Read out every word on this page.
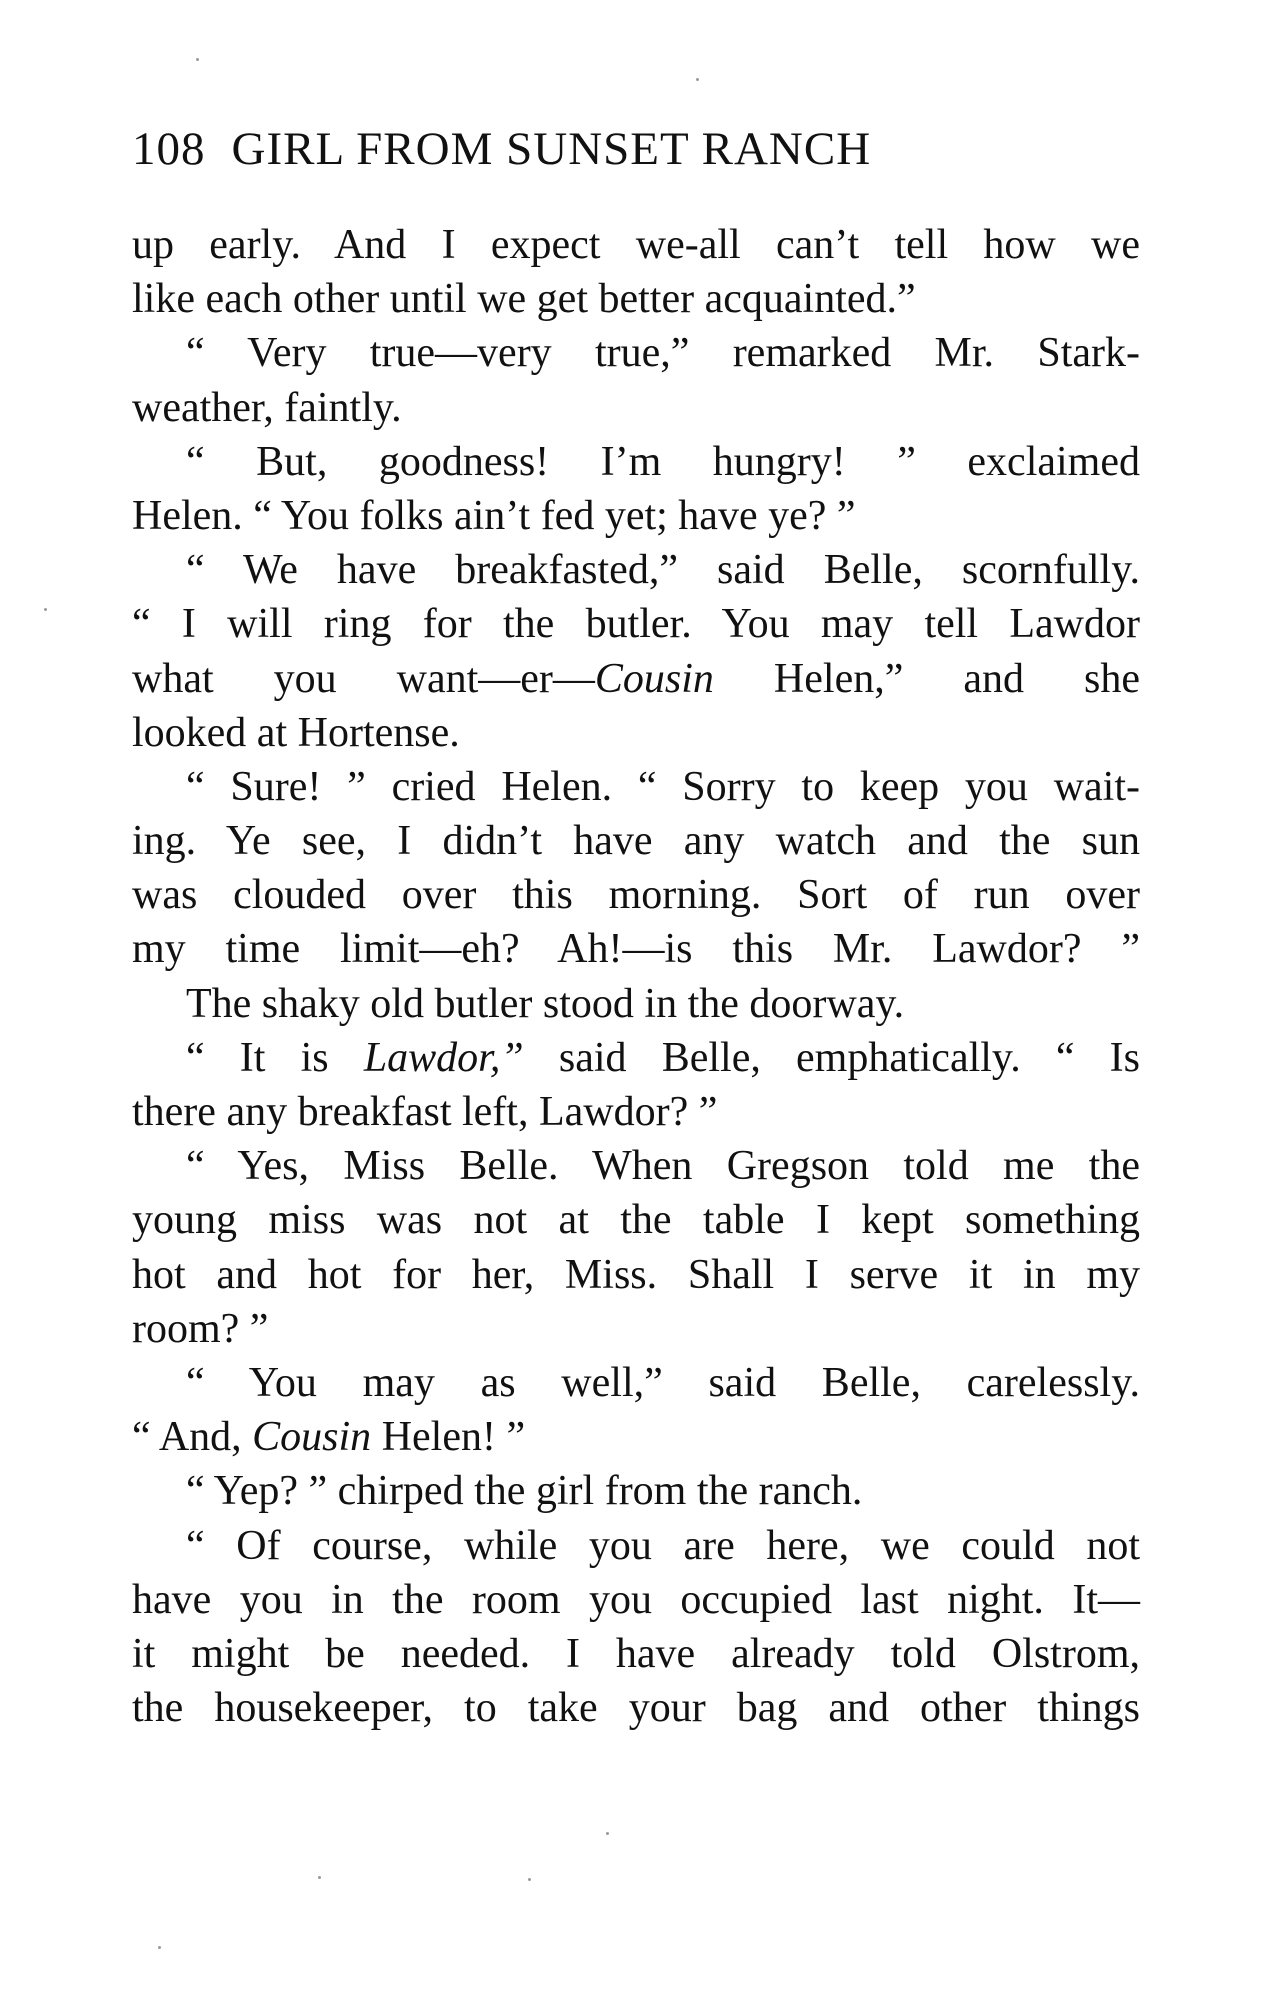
108 GIRL FROM SUNSET RANCH
up early. And I expect we-all can’t tell how we
like each other until we get better acquainted.”
“ Very true—very true,” remarked Mr. Stark-
weather, faintly.
“ But, goodness! I’m hungry! ” exclaimed
Helen. “ You folks ain’t fed yet; have ye? ”
“ We have breakfasted,” said Belle, scornfully.
“ I will ring for the butler. You may tell Lawdor
what you want—er—Cousin Helen,” and she
looked at Hortense.
“ Sure! ” cried Helen. “ Sorry to keep you wait-
ing. Ye see, I didn’t have any watch and the sun
was clouded over this morning. Sort of run over
my time limit—eh? Ah!—is this Mr. Lawdor? ”
The shaky old butler stood in the doorway.
“ It is Lawdor,” said Belle, emphatically. “ Is
there any breakfast left, Lawdor? ”
“ Yes, Miss Belle. When Gregson told me the
young miss was not at the table I kept something
hot and hot for her, Miss. Shall I serve it in my
room? ”
“ You may as well,” said Belle, carelessly.
“ And, Cousin Helen! ”
“ Yep? ” chirped the girl from the ranch.
“ Of course, while you are here, we could not
have you in the room you occupied last night. It—
it might be needed. I have already told Olstrom,
the housekeeper, to take your bag and other things
